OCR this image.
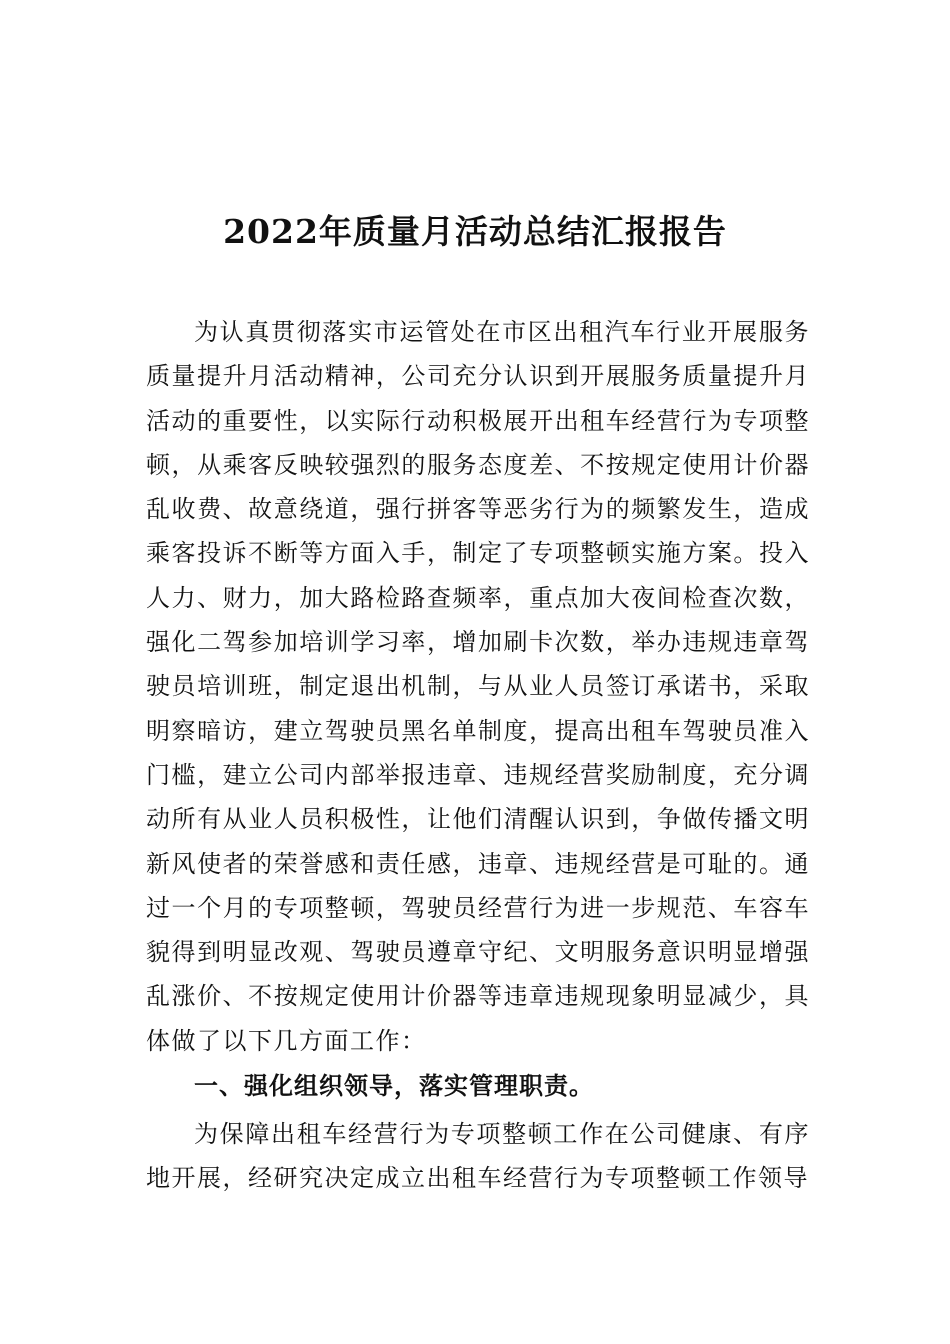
2022年质量月活动总结汇报报告

为认真贯彻落实市运管处在市区出租汽车行业开展服务质量提升月活动精神，公司充分认识到开展服务质量提升月活动的重要性，以实际行动积极展开出租车经营行为专项整顿，从乘客反映较强烈的服务态度差、不按规定使用计价器乱收费、故意绕道，强行拼客等恶劣行为的频繁发生，造成乘客投诉不断等方面入手，制定了专项整顿实施方案。投入人力、财力，加大路检路查频率，重点加大夜间检查次数，强化二驾参加培训学习率，增加刷卡次数，举办违规违章驾驶员培训班，制定退出机制，与从业人员签订承诺书，采取明察暗访，建立驾驶员黑名单制度，提高出租车驾驶员准入门槛，建立公司内部举报违章、违规经营奖励制度，充分调动所有从业人员积极性，让他们清醒认识到，争做传播文明新风使者的荣誉感和责任感，违章、违规经营是可耻的。通过一个月的专项整顿，驾驶员经营行为进一步规范、车容车貌得到明显改观、驾驶员遵章守纪、文明服务意识明显增强乱涨价、不按规定使用计价器等违章违规现象明显减少，具体做了以下几方面工作：

一、强化组织领导，落实管理职责。

为保障出租车经营行为专项整顿工作在公司健康、有序地开展，经研究决定成立出租车经营行为专项整顿工作领导
